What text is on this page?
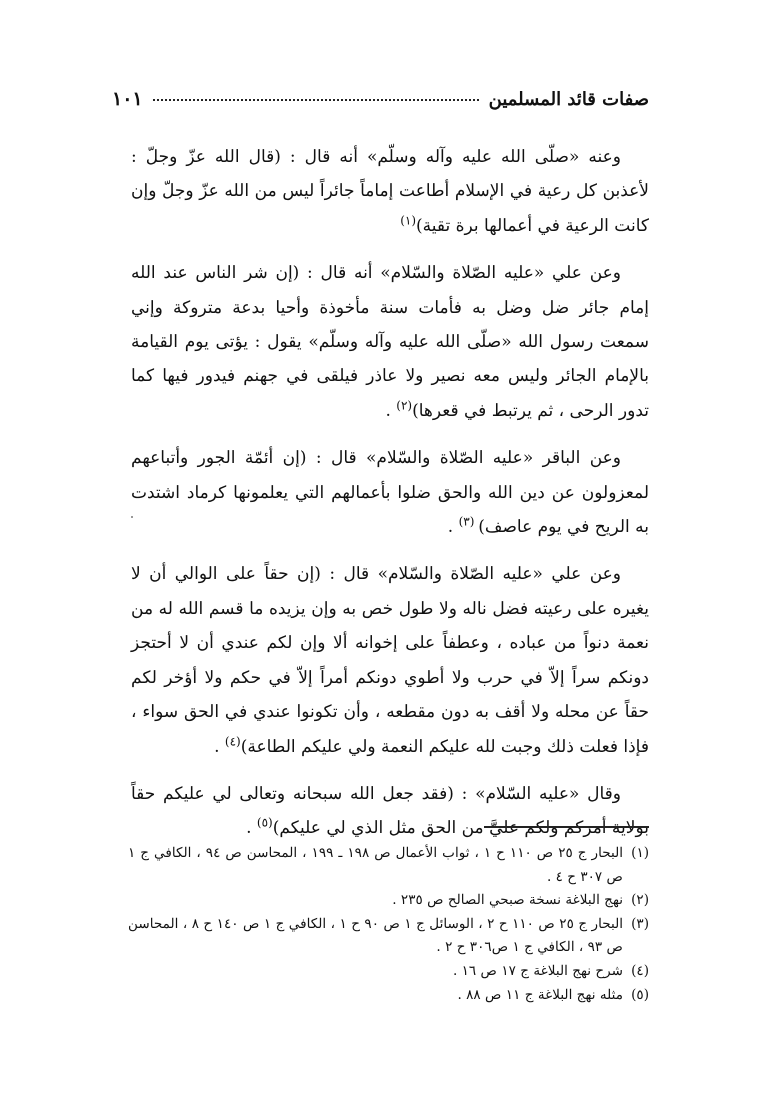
صفات قائد المسلمين
١٠١

وعنه «صلّى الله عليه وآله وسلّم» أنه قال : (قال الله عزّ وجلّ : لأعذبن كل رعية في الإسلام أطاعت إماماً جائراً ليس من الله عزّ وجلّ وإن كانت الرعية في أعمالها برة تقية)$^{(١)}$

وعن علي «عليه الصّلاة والسّلام» أنه قال : (إن شر الناس عند الله إمام جائر ضل وضل به فأمات سنة مأخوذة وأحيا بدعة متروكة وإني سمعت رسول الله «صلّى الله عليه وآله وسلّم» يقول : يؤتى يوم القيامة بالإمام الجائر وليس معه نصير ولا عاذر فيلقى في جهنم فيدور فيها كما تدور الرحى ، ثم يرتبط في قعرها)$^{(٢)}$ .

وعن الباقر «عليه الصّلاة والسّلام» قال : (إن أئمّة الجور وأتباعهم لمعزولون عن دين الله والحق ضلوا بأعمالهم التي يعلمونها كرماد اشتدت به الريح في يوم عاصف) $^{(٣)}$ .

وعن علي «عليه الصّلاة والسّلام» قال : (إن حقاً على الوالي أن لا يغيره على رعيته فضل ناله ولا طول خص به وإن يزيده ما قسم الله له من نعمة دنواً من عباده ، وعطفاً على إخوانه ألا وإن لكم عندي أن لا أحتجز دونكم سراً إلاّ في حرب ولا أطوي دونكم أمراً إلاّ في حكم ولا أؤخر لكم حقاً عن محله ولا أقف به دون مقطعه ، وأن تكونوا عندي في الحق سواء ، فإذا فعلت ذلك وجبت لله عليكم النعمة ولي عليكم الطاعة)$^{(٤)}$ .

وقال «عليه السّلام» : (فقد جعل الله سبحانه وتعالى لي عليكم حقاً بولاية أمركم ولكم عليَّ من الحق مثل الذي لي عليكم)$^{(٥)}$ .

(١)البحار ج ٢٥ ص ١١٠ ح ١ ، ثواب الأعمال ص ١٩٨ ـ ١٩٩ ، المحاسن ص ٩٤ ، الكافي ج ١ ص ٣٠٧ ح ٤ .

(٢)نهج البلاغة نسخة صبحي الصالح ص ٢٣٥ .

(٣)البحار ج ٢٥ ص ١١٠ ح ٢ ، الوسائل ج ١ ص ٩٠ ح ١ ، الكافي ج ١ ص ١٤٠ ح ٨ ، المحاسن ص ٩٣ ، الكافي ج ١ ص٣٠٦ ح ٢ .

(٤)شرح نهج البلاغة ج ١٧ ص ١٦ .

(٥)مثله نهج البلاغة ج ١١ ص ٨٨ .
